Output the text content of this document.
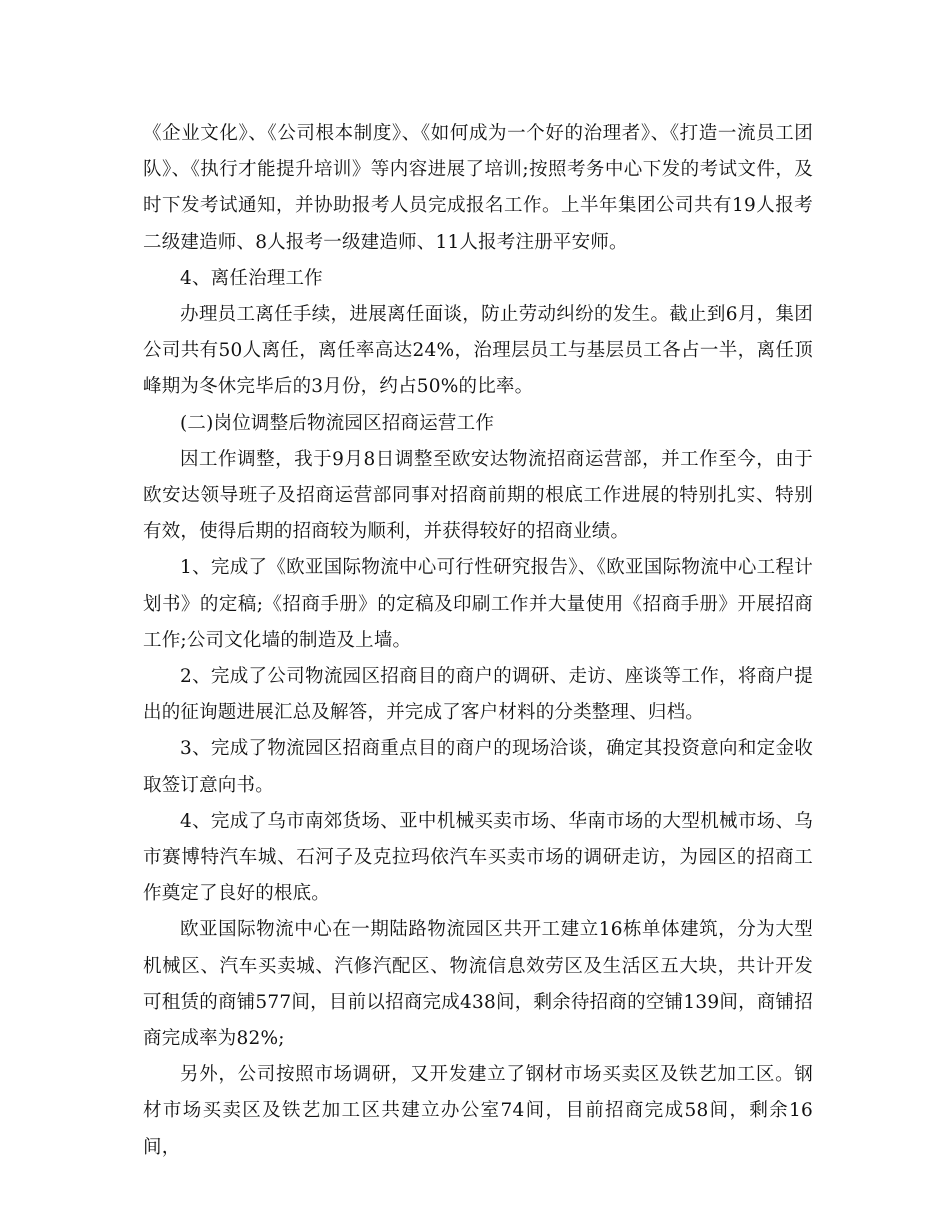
《企业文化》、《公司根本制度》、《如何成为一个好的治理者》、《打造一流员工团队》、《执行才能提升培训》等内容进展了培训;按照考务中心下发的考试文件，及时下发考试通知，并协助报考人员完成报名工作。上半年集团公司共有19人报考二级建造师、8人报考一级建造师、11人报考注册平安师。

4、离任治理工作

办理员工离任手续，进展离任面谈，防止劳动纠纷的发生。截止到6月，集团公司共有50人离任，离任率高达24%，治理层员工与基层员工各占一半，离任顶峰期为冬休完毕后的3月份，约占50%的比率。

(二)岗位调整后物流园区招商运营工作

因工作调整，我于9月8日调整至欧安达物流招商运营部，并工作至今，由于欧安达领导班子及招商运营部同事对招商前期的根底工作进展的特别扎实、特别有效，使得后期的招商较为顺利，并获得较好的招商业绩。

1、完成了《欧亚国际物流中心可行性研究报告》、《欧亚国际物流中心工程计划书》的定稿;《招商手册》的定稿及印刷工作并大量使用《招商手册》开展招商工作;公司文化墙的制造及上墙。

2、完成了公司物流园区招商目的商户的调研、走访、座谈等工作，将商户提出的征询题进展汇总及解答，并完成了客户材料的分类整理、归档。

3、完成了物流园区招商重点目的商户的现场洽谈，确定其投资意向和定金收取签订意向书。

4、完成了乌市南郊货场、亚中机械买卖市场、华南市场的大型机械市场、乌市赛博特汽车城、石河子及克拉玛依汽车买卖市场的调研走访，为园区的招商工作奠定了良好的根底。

欧亚国际物流中心在一期陆路物流园区共开工建立16栋单体建筑，分为大型机械区、汽车买卖城、汽修汽配区、物流信息效劳区及生活区五大块，共计开发可租赁的商铺577间，目前以招商完成438间，剩余待招商的空铺139间，商铺招商完成率为82%;

另外，公司按照市场调研，又开发建立了钢材市场买卖区及铁艺加工区。钢材市场买卖区及铁艺加工区共建立办公室74间，目前招商完成58间，剩余16间，
